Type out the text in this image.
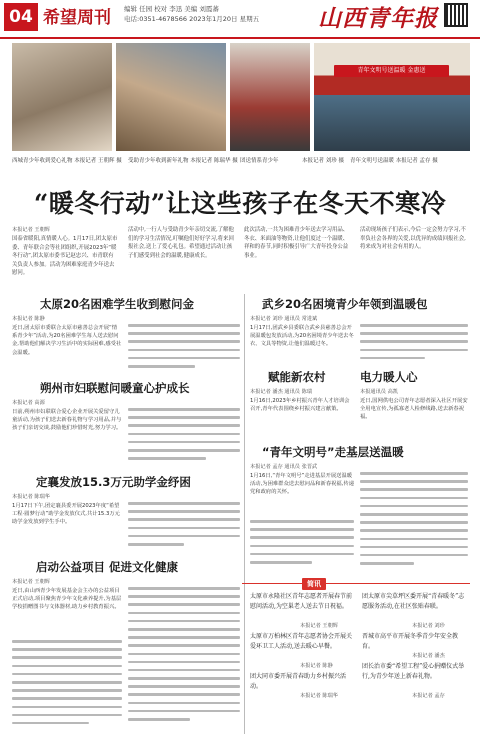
04 希望周刊 编辑 任园 校对 李迅 美编 刘霞蕃
电话:0351-4678566 2023年1月20日 星期五	山西青年报
青年文明号送温暖 金惠送
西城青少年收到爱心礼物 本报记者 王朝辉 摄 受助青少年收到新年礼物 本报记者 陈瑞华 摄 团送情系青少年	本报记者 刘珍 摄 青年文明号送温暖 本报记者 孟存 摄
“暖冬行动”让这些孩子在冬天不寒冷
本报记者 王朝辉
国泰省暖阳,真情暖人心。1月17日,团太原市委、青年联合会等社团组织,开展2023年“暖冬行动”,团太原市委书记赵忠兴、市青联有关负责人参加。活动为困难家庭青少年送去慰问。
活动中,一行人与受助青少年亲切交流,了解他们的学习生活情况,叮嘱他们好好学习,将来回报社会,送上了爱心礼包。希望通过活动让孩子们感受到社会的温暖,健康成长。
此次活动,一共为困难青少年送去学习用品、冬衣、米面油等物资,让他们度过一个温暖、祥和的春节,同时积极引导广大青年投身公益事业。
活动现场孩子们表示,今后一定会努力学习,不辜负社会各界的关爱,以优异的成绩回报社会,将来成为对社会有用的人。
太原20名困难学生收到慰问金
本报记者 陈静
近日,团太原市委联合太原市慈善总会开展“情系青少年”活动,为20名困难学生每人送去慰问金,帮助他们解决学习生活中的实际困难,感受社会温暖。
朔州市妇联慰问暖童心护成长
本报记者 高源
日前,朔州市妇联联合爱心企业开展关爱留守儿童活动,为孩子们送去新春礼物与学习用品,并与孩子们亲切交谈,鼓励他们珍惜时光,努力学习。
定襄发放15.3万元助学金纾困
本报记者 陈瑞华
1月17日下午,团定襄县委开展2023年度“希望工程·圆梦行动”助学金发放仪式,共计15.3万元助学金发放到学生手中。
启动公益项目 促进文化健康
本报记者 王朝辉
近日,由山西青少年发展基金会主办的公益项目正式启动,项目聚焦青少年文化素养提升,为基层学校捐赠图书与文体器材,助力乡村教育振兴。
武乡20名困境青少年领到温暖包
本报记者 刘珍 通讯员 常进斌
1月17日,团武乡县委联合武乡县慈善总会开展温暖包发放活动,为20名困境青少年送去冬衣、文具等物资,让他们温暖过冬。
赋能新农村	电力暖人心
本报记者 潘杰 通讯员 陈瑞
1月16日,2023年乡村振兴青年人才培训会召开,青年代表围绕乡村振兴建言献策。
本报通讯员 高凯
近日,国网供电公司青年志愿者深入社区开展安全用电宣传,为孤寡老人检修线路,送去新春祝福。
“青年文明号”走基层送温暖
本报记者 孟存 通讯员 张晋武
1月16日,“青年文明号”走进基层开展送温暖活动,为困难群众送去慰问品和新春祝福,传递党和政府的关怀。
简讯
太原市永隆社区青年志愿者开展春节前慰问活动,为空巢老人送去节日祝福。
本报记者 王朝辉
太原市万柏林区青年志愿者协会开展关爱环卫工人活动,送去暖心早餐。
本报记者 陈静
团大同市委开展青春助力乡村振兴活动。
本报记者 陈瑞华
团太原市尖草坪区委开展“青春暖冬”志愿服务活动,在社区张贴春联。
本报记者 刘珍
晋城市高平市开展冬季青少年安全教育。
本报记者 潘杰
团长治市委“希望工程”爱心捐赠仪式举行,为青少年送上新春礼物。
本报记者 孟存
